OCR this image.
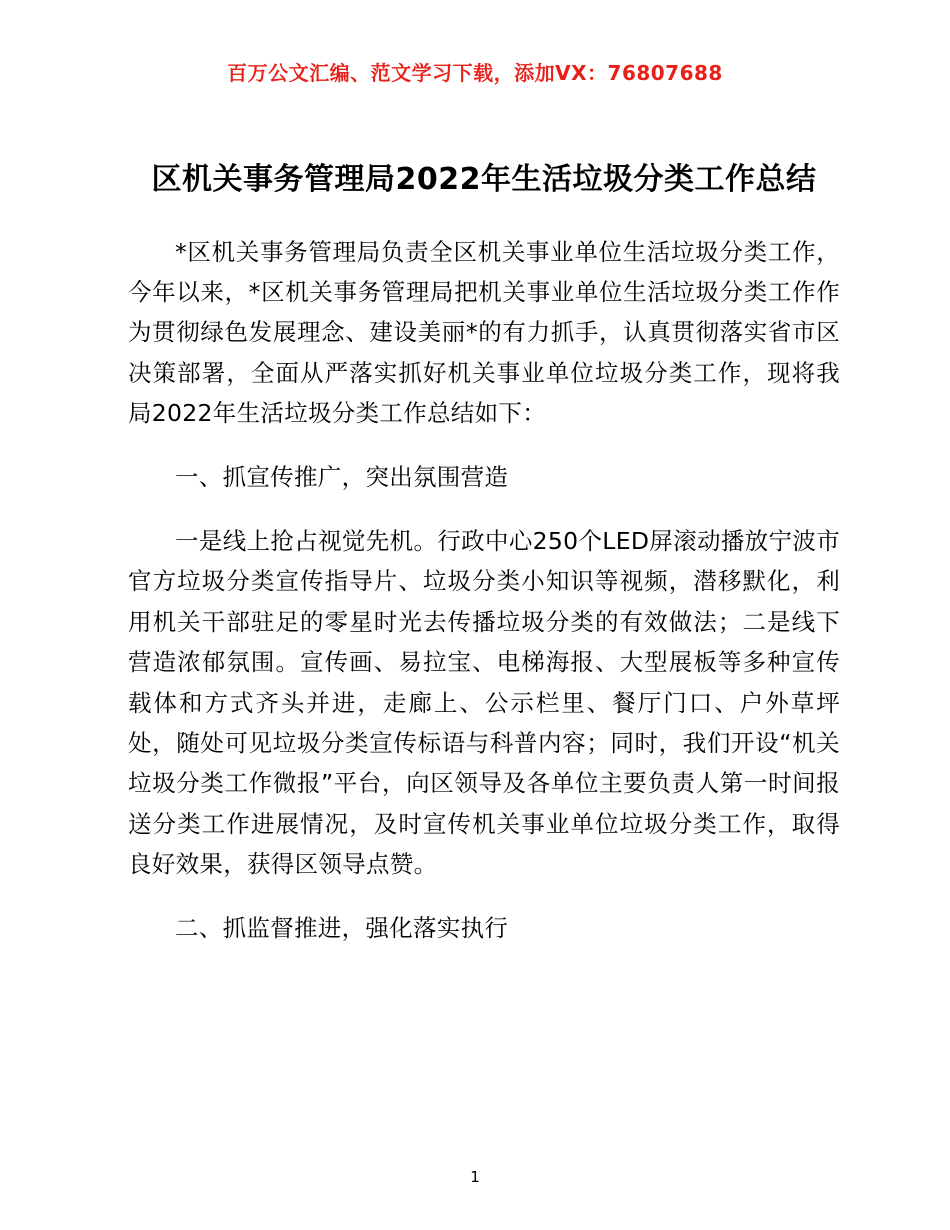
百万公文汇编、范文学习下载，添加VX：76807688
区机关事务管理局2022年生活垃圾分类工作总结

*区机关事务管理局负责全区机关事业单位生活垃圾分类工作，今年以来，*区机关事务管理局把机关事业单位生活垃圾分类工作作为贯彻绿色发展理念、建设美丽*的有力抓手，认真贯彻落实省市区决策部署，全面从严落实抓好机关事业单位垃圾分类工作，现将我局2022年生活垃圾分类工作总结如下：

一、抓宣传推广，突出氛围营造

一是线上抢占视觉先机。行政中心250个LED屏滚动播放宁波市官方垃圾分类宣传指导片、垃圾分类小知识等视频，潜移默化，利用机关干部驻足的零星时光去传播垃圾分类的有效做法；二是线下营造浓郁氛围。宣传画、易拉宝、电梯海报、大型展板等多种宣传载体和方式齐头并进，走廊上、公示栏里、餐厅门口、户外草坪处，随处可见垃圾分类宣传标语与科普内容；同时，我们开设“机关垃圾分类工作微报”平台，向区领导及各单位主要负责人第一时间报送分类工作进展情况，及时宣传机关事业单位垃圾分类工作，取得良好效果，获得区领导点赞。

二、抓监督推进，强化落实执行

1
